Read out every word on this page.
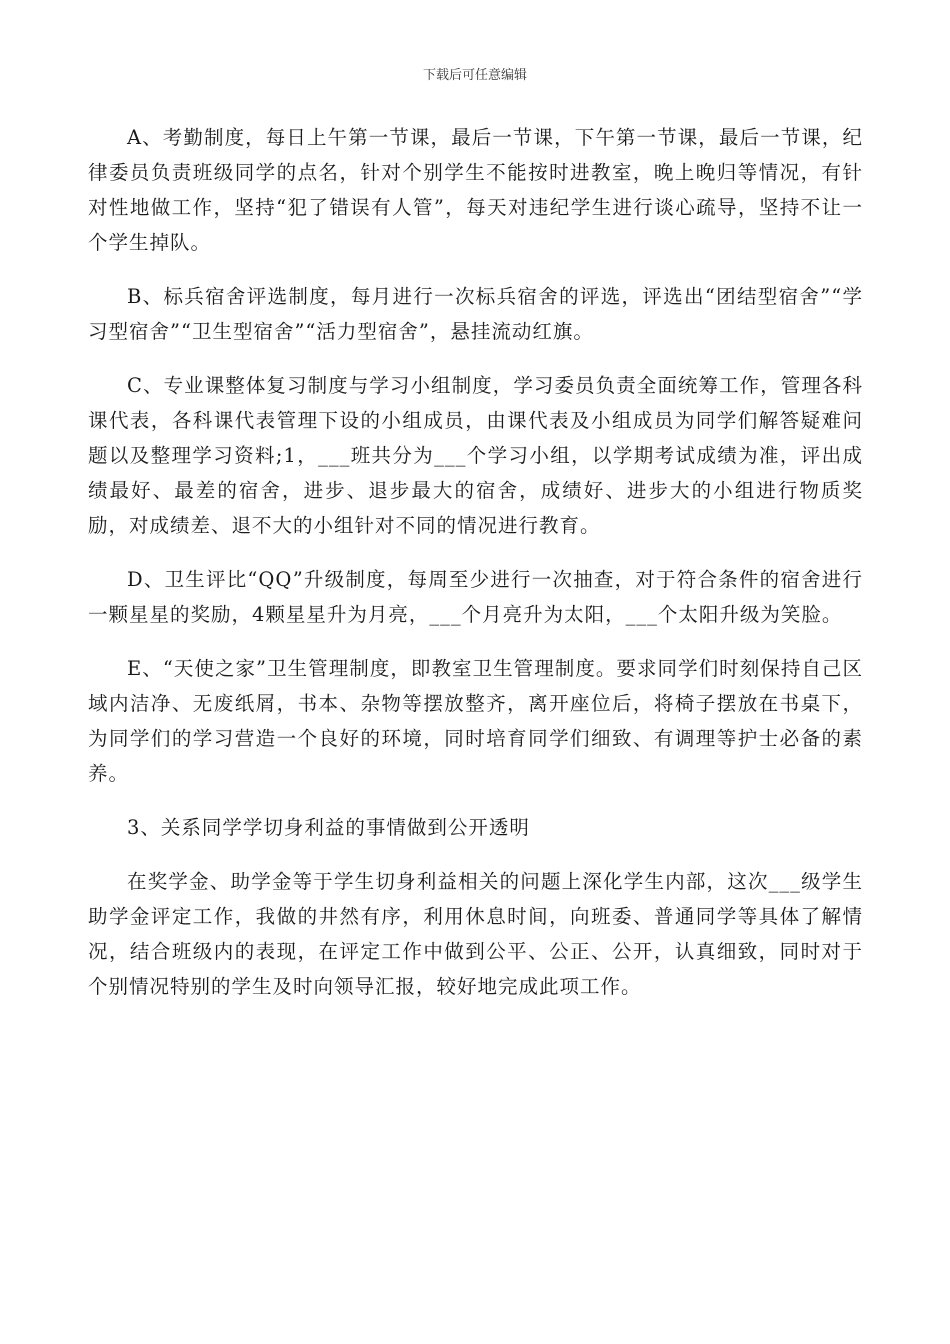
下载后可任意编辑

A、考勤制度，每日上午第一节课，最后一节课，下午第一节课，最后一节课，纪律委员负责班级同学的点名，针对个别学生不能按时进教室，晚上晚归等情况，有针对性地做工作，坚持“犯了错误有人管”，每天对违纪学生进行谈心疏导，坚持不让一个学生掉队。

B、标兵宿舍评选制度，每月进行一次标兵宿舍的评选，评选出“团结型宿舍”“学习型宿舍”“卫生型宿舍”“活力型宿舍”，悬挂流动红旗。

C、专业课整体复习制度与学习小组制度，学习委员负责全面统筹工作，管理各科课代表，各科课代表管理下设的小组成员，由课代表及小组成员为同学们解答疑难问题以及整理学习资料;1，___班共分为___个学习小组，以学期考试成绩为准，评出成绩最好、最差的宿舍，进步、退步最大的宿舍，成绩好、进步大的小组进行物质奖励，对成绩差、退不大的小组针对不同的情况进行教育。

D、卫生评比“QQ”升级制度，每周至少进行一次抽查，对于符合条件的宿舍进行一颗星星的奖励，4颗星星升为月亮，___个月亮升为太阳，___个太阳升级为笑脸。

E、“天使之家”卫生管理制度，即教室卫生管理制度。要求同学们时刻保持自己区域内洁净、无废纸屑，书本、杂物等摆放整齐，离开座位后，将椅子摆放在书桌下，为同学们的学习营造一个良好的环境，同时培育同学们细致、有调理等护士必备的素养。

3、关系同学学切身利益的事情做到公开透明

在奖学金、助学金等于学生切身利益相关的问题上深化学生内部，这次___级学生助学金评定工作，我做的井然有序，利用休息时间，向班委、普通同学等具体了解情况，结合班级内的表现，在评定工作中做到公平、公正、公开，认真细致，同时对于个别情况特别的学生及时向领导汇报，较好地完成此项工作。
